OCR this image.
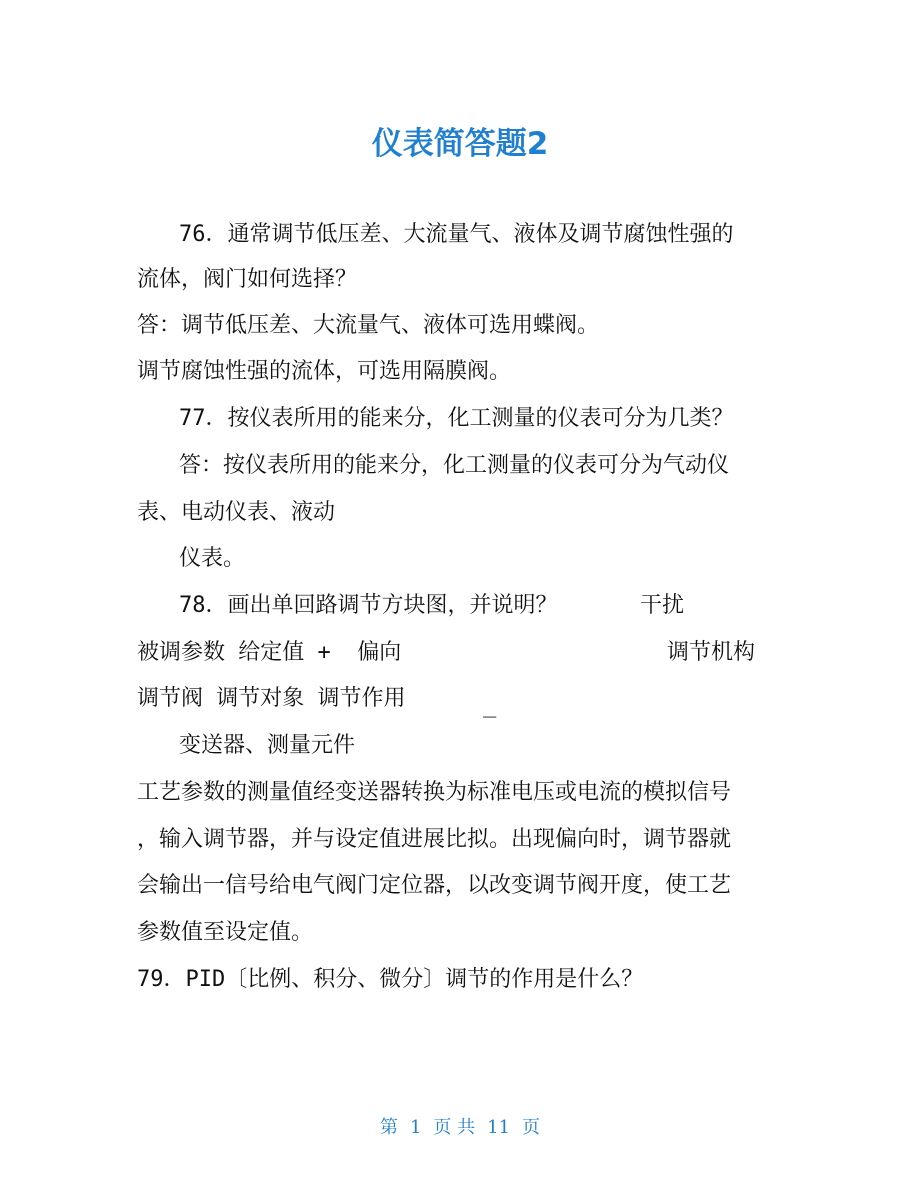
仪表简答题2
76．通常调节低压差、大流量气、液体及调节腐蚀性强的
流体，阀门如何选择？
答：调节低压差、大流量气、液体可选用蝶阀。
调节腐蚀性强的流体，可选用隔膜阀。
77．按仪表所用的能来分，化工测量的仪表可分为几类？
答：按仪表所用的能来分，化工测量的仪表可分为气动仪
表、电动仪表、液动
仪表。
78．画出单回路调节方块图，并说明？	干扰
被调参数 给定值 +  偏向	调节机构
调节阀 调节对象 调节作用	_
变送器、测量元件
工艺参数的测量值经变送器转换为标准电压或电流的模拟信号
，输入调节器，并与设定值进展比拟。出现偏向时，调节器就
会输出一信号给电气阀门定位器，以改变调节阀开度，使工艺
参数值至设定值。
79．PID〔比例、积分、微分〕调节的作用是什么？
第 1 页 共 11 页
